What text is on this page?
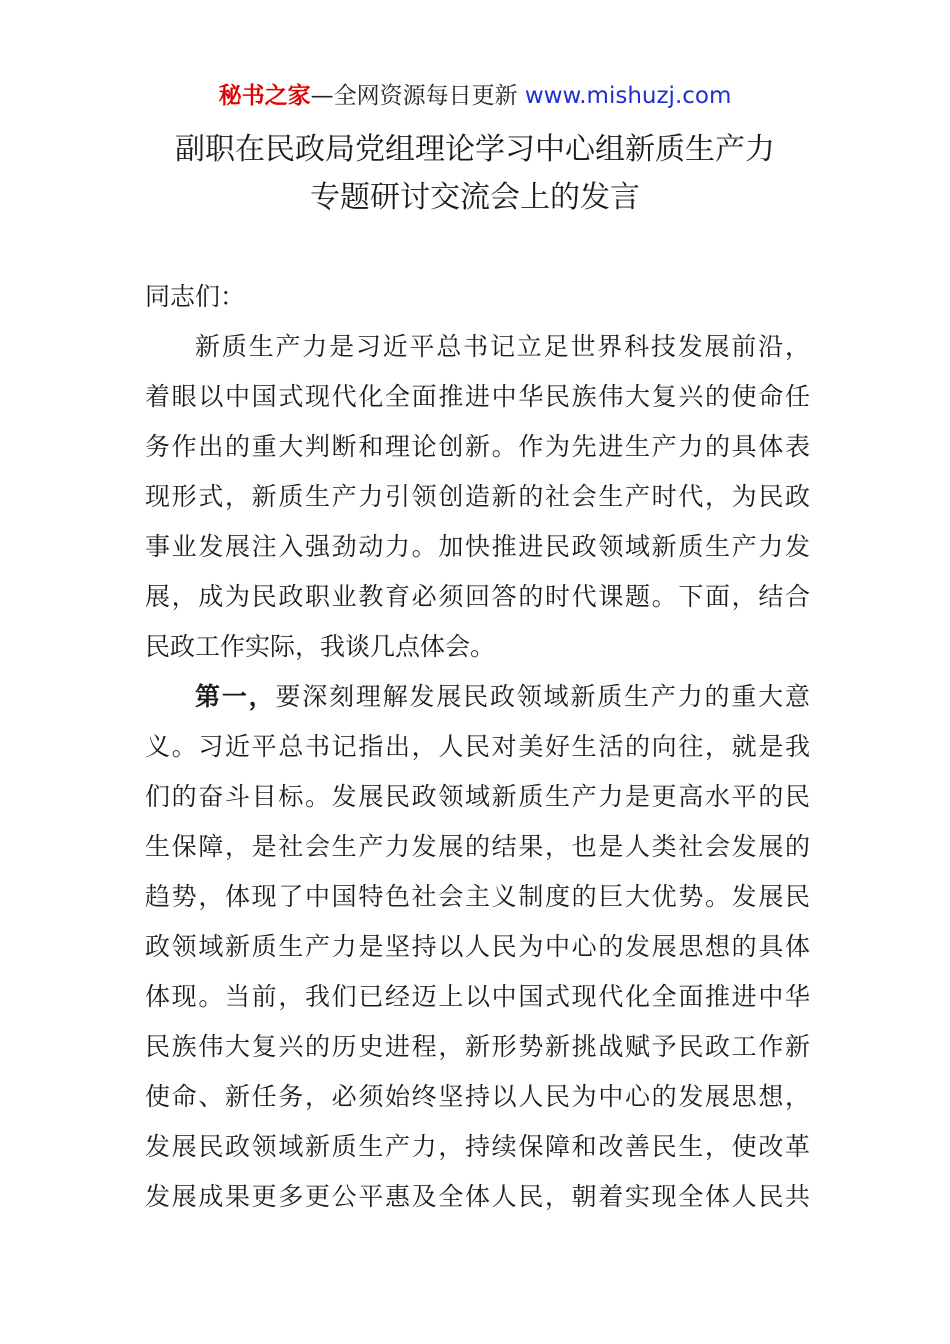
秘书之家—全网资源每日更新 www.mishuzj.com
副职在民政局党组理论学习中心组新质生产力
专题研讨交流会上的发言

同志们：

新质生产力是习近平总书记立足世界科技发展前沿，
着眼以中国式现代化全面推进中华民族伟大复兴的使命任
务作出的重大判断和理论创新。作为先进生产力的具体表
现形式，新质生产力引领创造新的社会生产时代，为民政
事业发展注入强劲动力。加快推进民政领域新质生产力发
展，成为民政职业教育必须回答的时代课题。下面，结合
民政工作实际，我谈几点体会。
第一，要深刻理解发展民政领域新质生产力的重大意
义。习近平总书记指出，人民对美好生活的向往，就是我
们的奋斗目标。发展民政领域新质生产力是更高水平的民
生保障，是社会生产力发展的结果，也是人类社会发展的
趋势，体现了中国特色社会主义制度的巨大优势。发展民
政领域新质生产力是坚持以人民为中心的发展思想的具体
体现。当前，我们已经迈上以中国式现代化全面推进中华
民族伟大复兴的历史进程，新形势新挑战赋予民政工作新
使命、新任务，必须始终坚持以人民为中心的发展思想，
发展民政领域新质生产力，持续保障和改善民生，使改革
发展成果更多更公平惠及全体人民，朝着实现全体人民共
